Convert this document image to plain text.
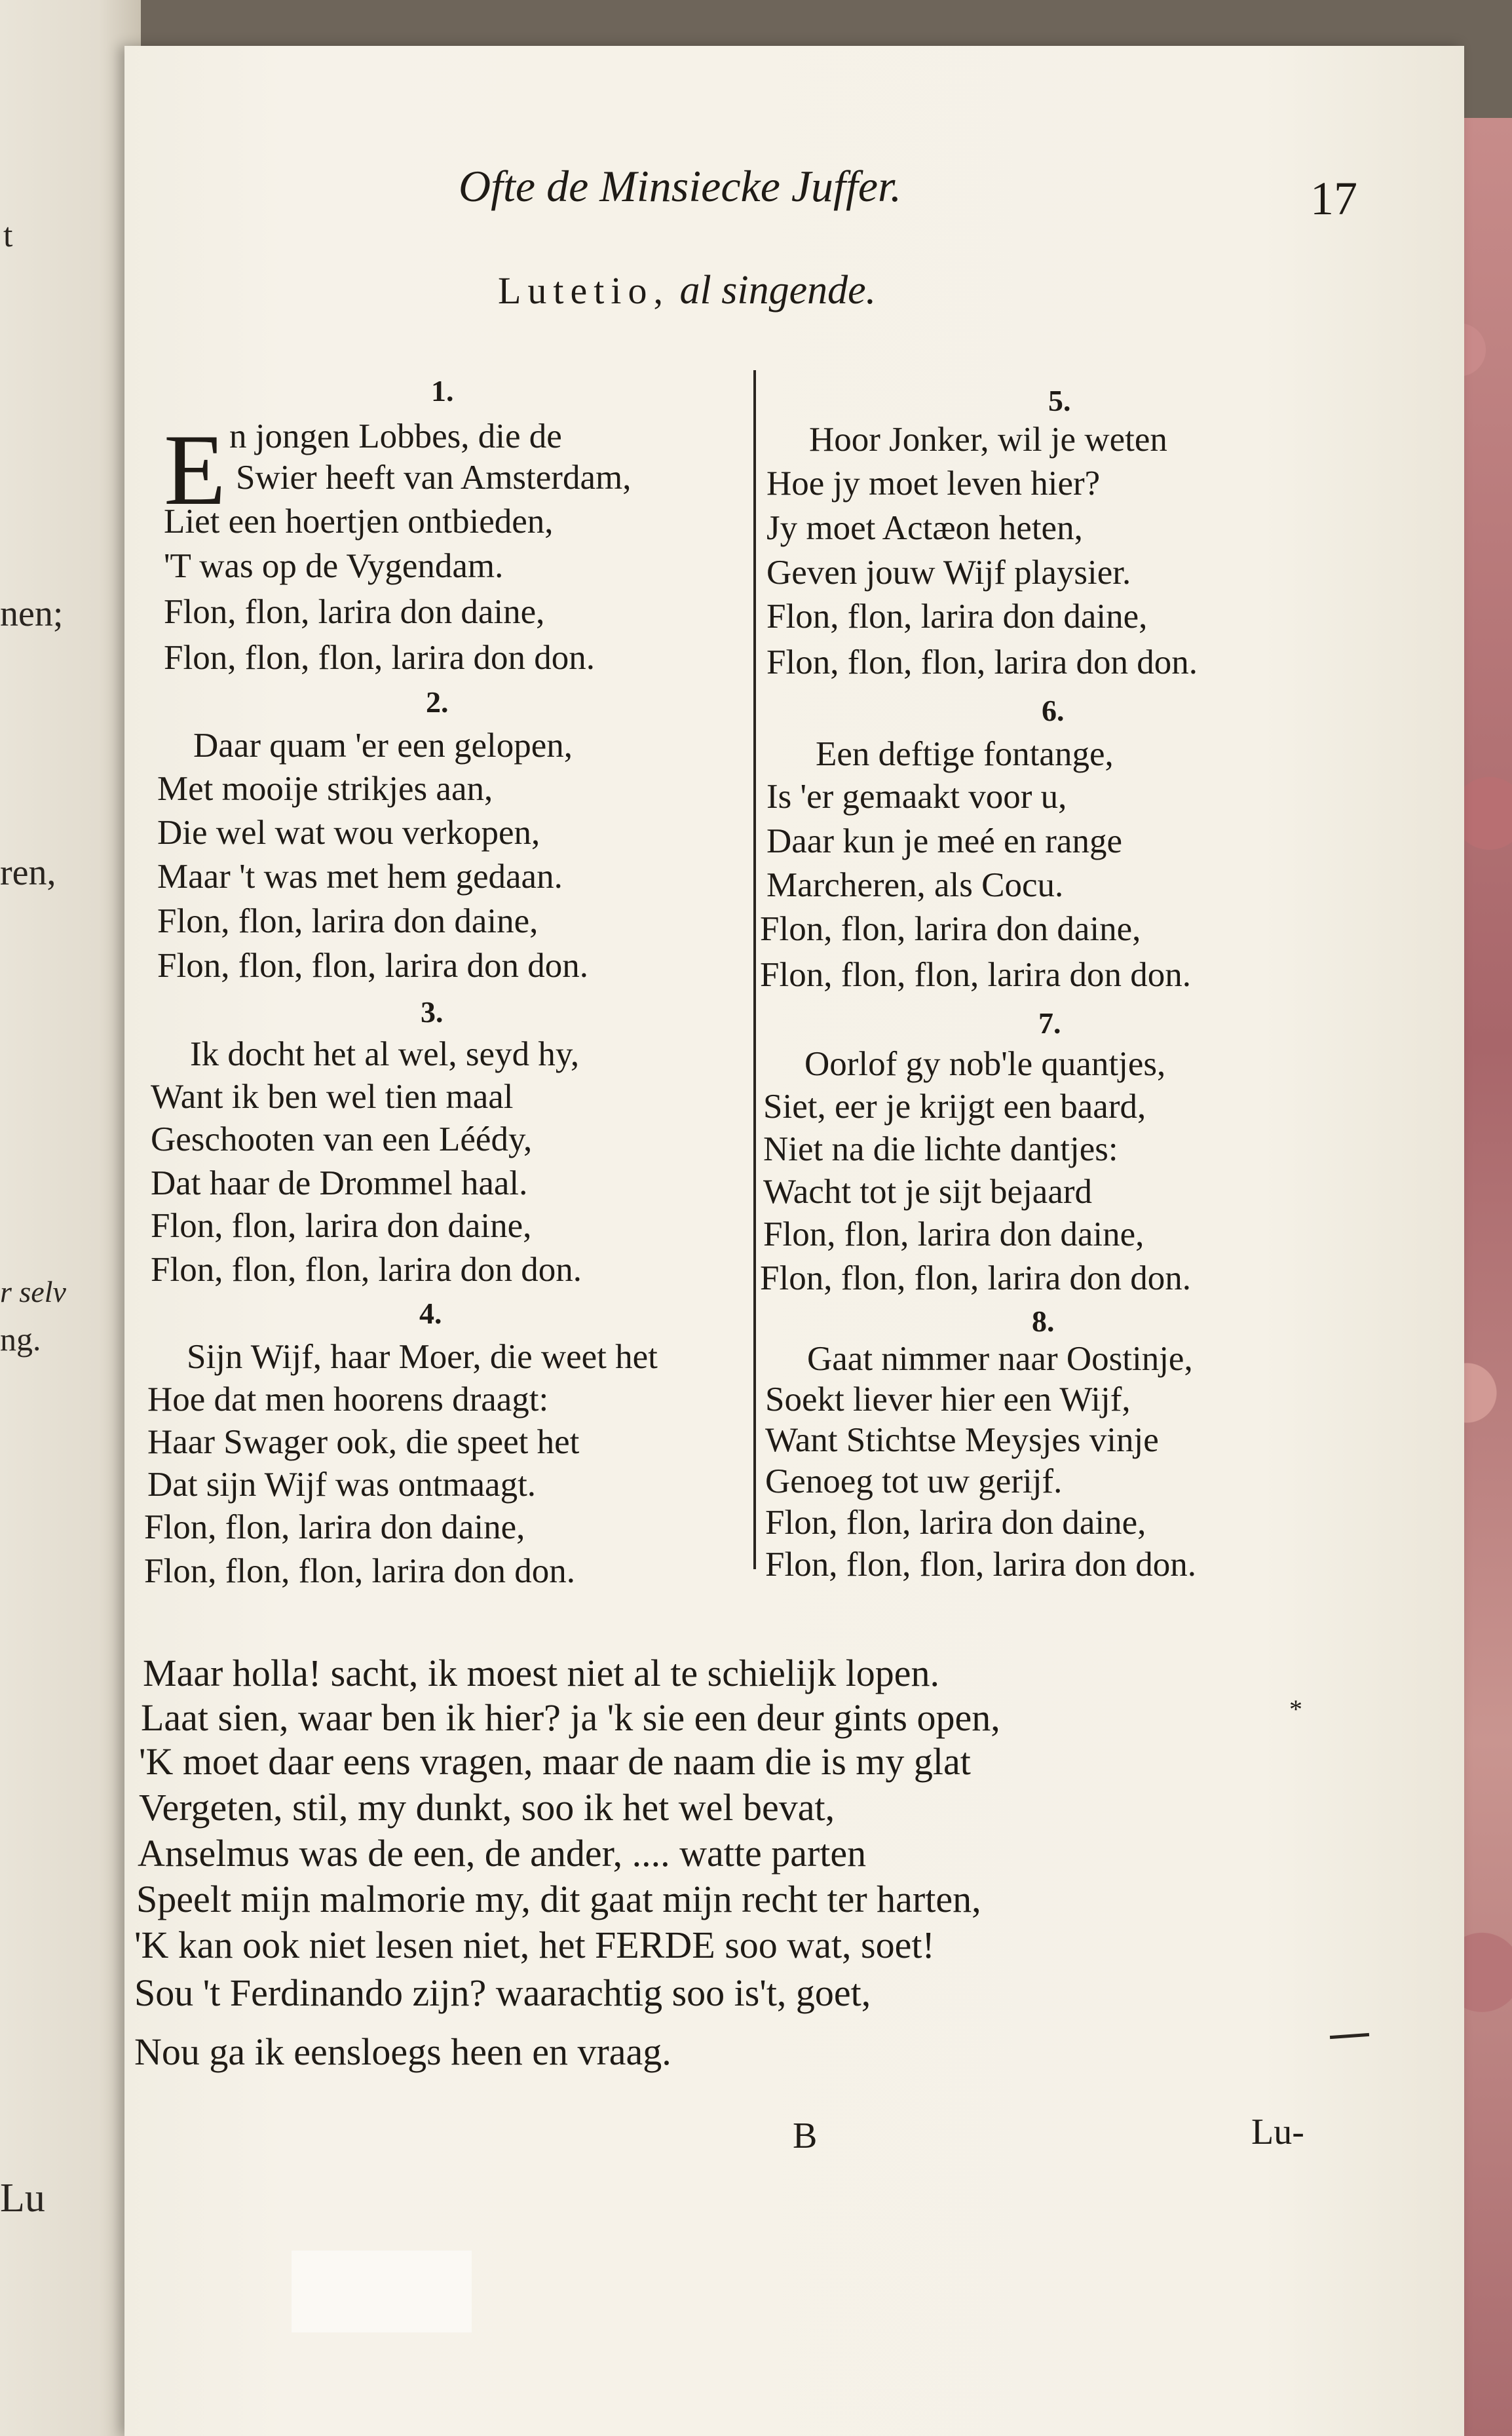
t
nen;
ren,
r selv
ng.
Lu
Ofte de Minsiecke Juffer.	17
Lutetio, al singende.
E
1.
n jongen Lobbes, die de
Swier heeft van Amsterdam,
Liet een hoertjen ontbieden,
'T was op de Vygendam.
Flon, flon, larira don daine,
Flon, flon, flon, larira don don.
2.
Daar quam 'er een gelopen,
Met mooije strikjes aan,
Die wel wat wou verkopen,
Maar 't was met hem gedaan.
Flon, flon, larira don daine,
Flon, flon, flon, larira don don.
3.
Ik docht het al wel, seyd hy,
Want ik ben wel tien maal
Geschooten van een Léédy,
Dat haar de Drommel haal.
Flon, flon, larira don daine,
Flon, flon, flon, larira don don.
4.
Sijn Wijf, haar Moer, die weet het
Hoe dat men hoorens draagt:
Haar Swager ook, die speet het
Dat sijn Wijf was ontmaagt.
Flon, flon, larira don daine,
Flon, flon, flon, larira don don.
5.
Hoor Jonker, wil je weten
Hoe jy moet leven hier?
Jy moet Actæon heten,
Geven jouw Wijf playsier.
Flon, flon, larira don daine,
Flon, flon, flon, larira don don.
6.
Een deftige fontange,
Is 'er gemaakt voor u,
Daar kun je meé en range
Marcheren, als Cocu.
Flon, flon, larira don daine,
Flon, flon, flon, larira don don.
7.
Oorlof gy nob'le quantjes,
Siet, eer je krijgt een baard,
Niet na die lichte dantjes:
Wacht tot je sijt bejaard
Flon, flon, larira don daine,
Flon, flon, flon, larira don don.
8.
Gaat nimmer naar Oostinje,
Soekt liever hier een Wijf,
Want Stichtse Meysjes vinje
Genoeg tot uw gerijf.
Flon, flon, larira don daine,
Flon, flon, flon, larira don don.
Maar holla! sacht, ik moest niet al te schielijk lopen.
Laat sien, waar ben ik hier? ja 'k sie een deur gints open,
'K moet daar eens vragen, maar de naam die is my glat
Vergeten, stil, my dunkt, soo ik het wel bevat,
Anselmus was de een, de ander, .... watte parten
Speelt mijn malmorie my, dit gaat mijn recht ter harten,
'K kan ook niet lesen niet, het FERDE soo wat, soet!
Sou 't Ferdinando zijn? waarachtig soo is't, goet,
Nou ga ik eensloegs heen en vraag.
*
B	Lu-
